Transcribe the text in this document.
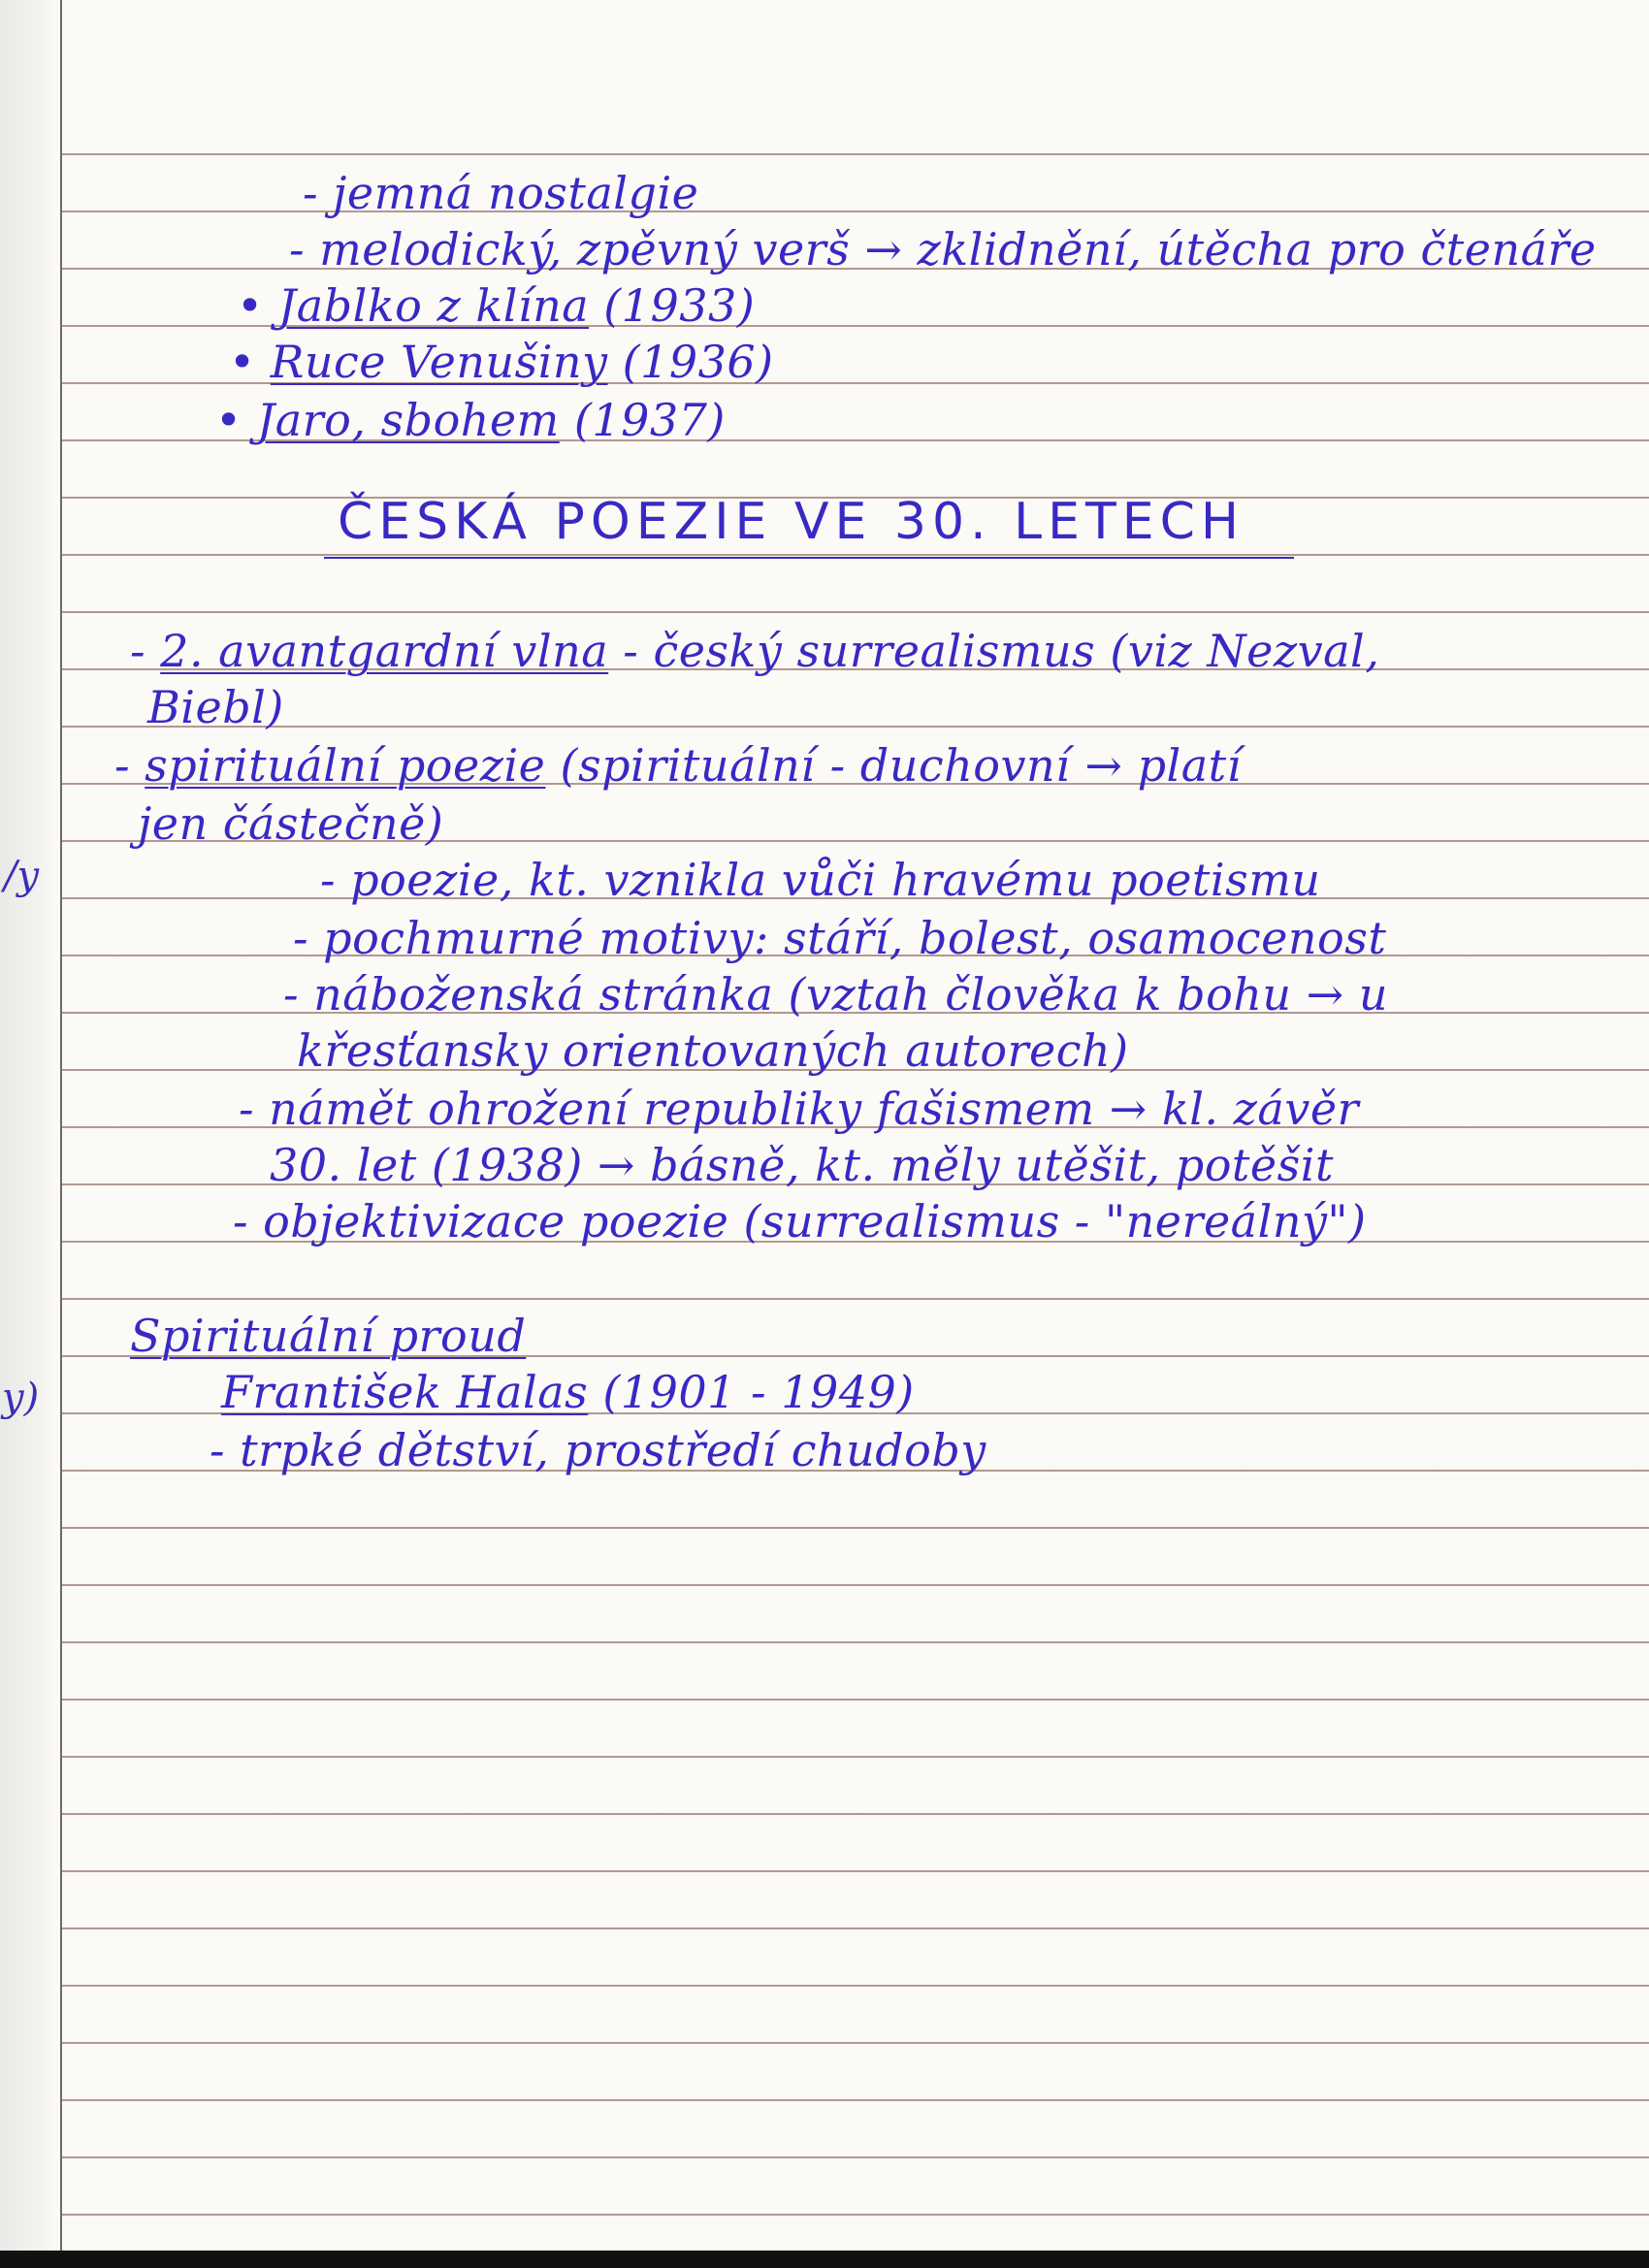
/y
y)
- jemná nostalgie
- melodický, zpěvný verš → zklidnění, útěcha pro čtenáře
• Jablko z klína (1933)
• Ruce Venušiny (1936)
• Jaro, sbohem (1937)
ČESKÁ POEZIE VE 30. LETECH
- 2. avantgardní vlna - český surrealismus (viz Nezval,
Biebl)
- spirituální poezie (spirituální - duchovní → platí
jen částečně)
- poezie, kt. vznikla vůči hravému poetismu
- pochmurné motivy: stáří, bolest, osamocenost
- náboženská stránka (vztah člověka k bohu → u
křesťansky orientovaných autorech)
- námět ohrožení republiky fašismem → kl. závěr
30. let (1938) → básně, kt. měly utěšit, potěšit
- objektivizace poezie (surrealismus - "nereálný")
Spirituální proud
František Halas (1901 - 1949)
- trpké dětství, prostředí chudoby
